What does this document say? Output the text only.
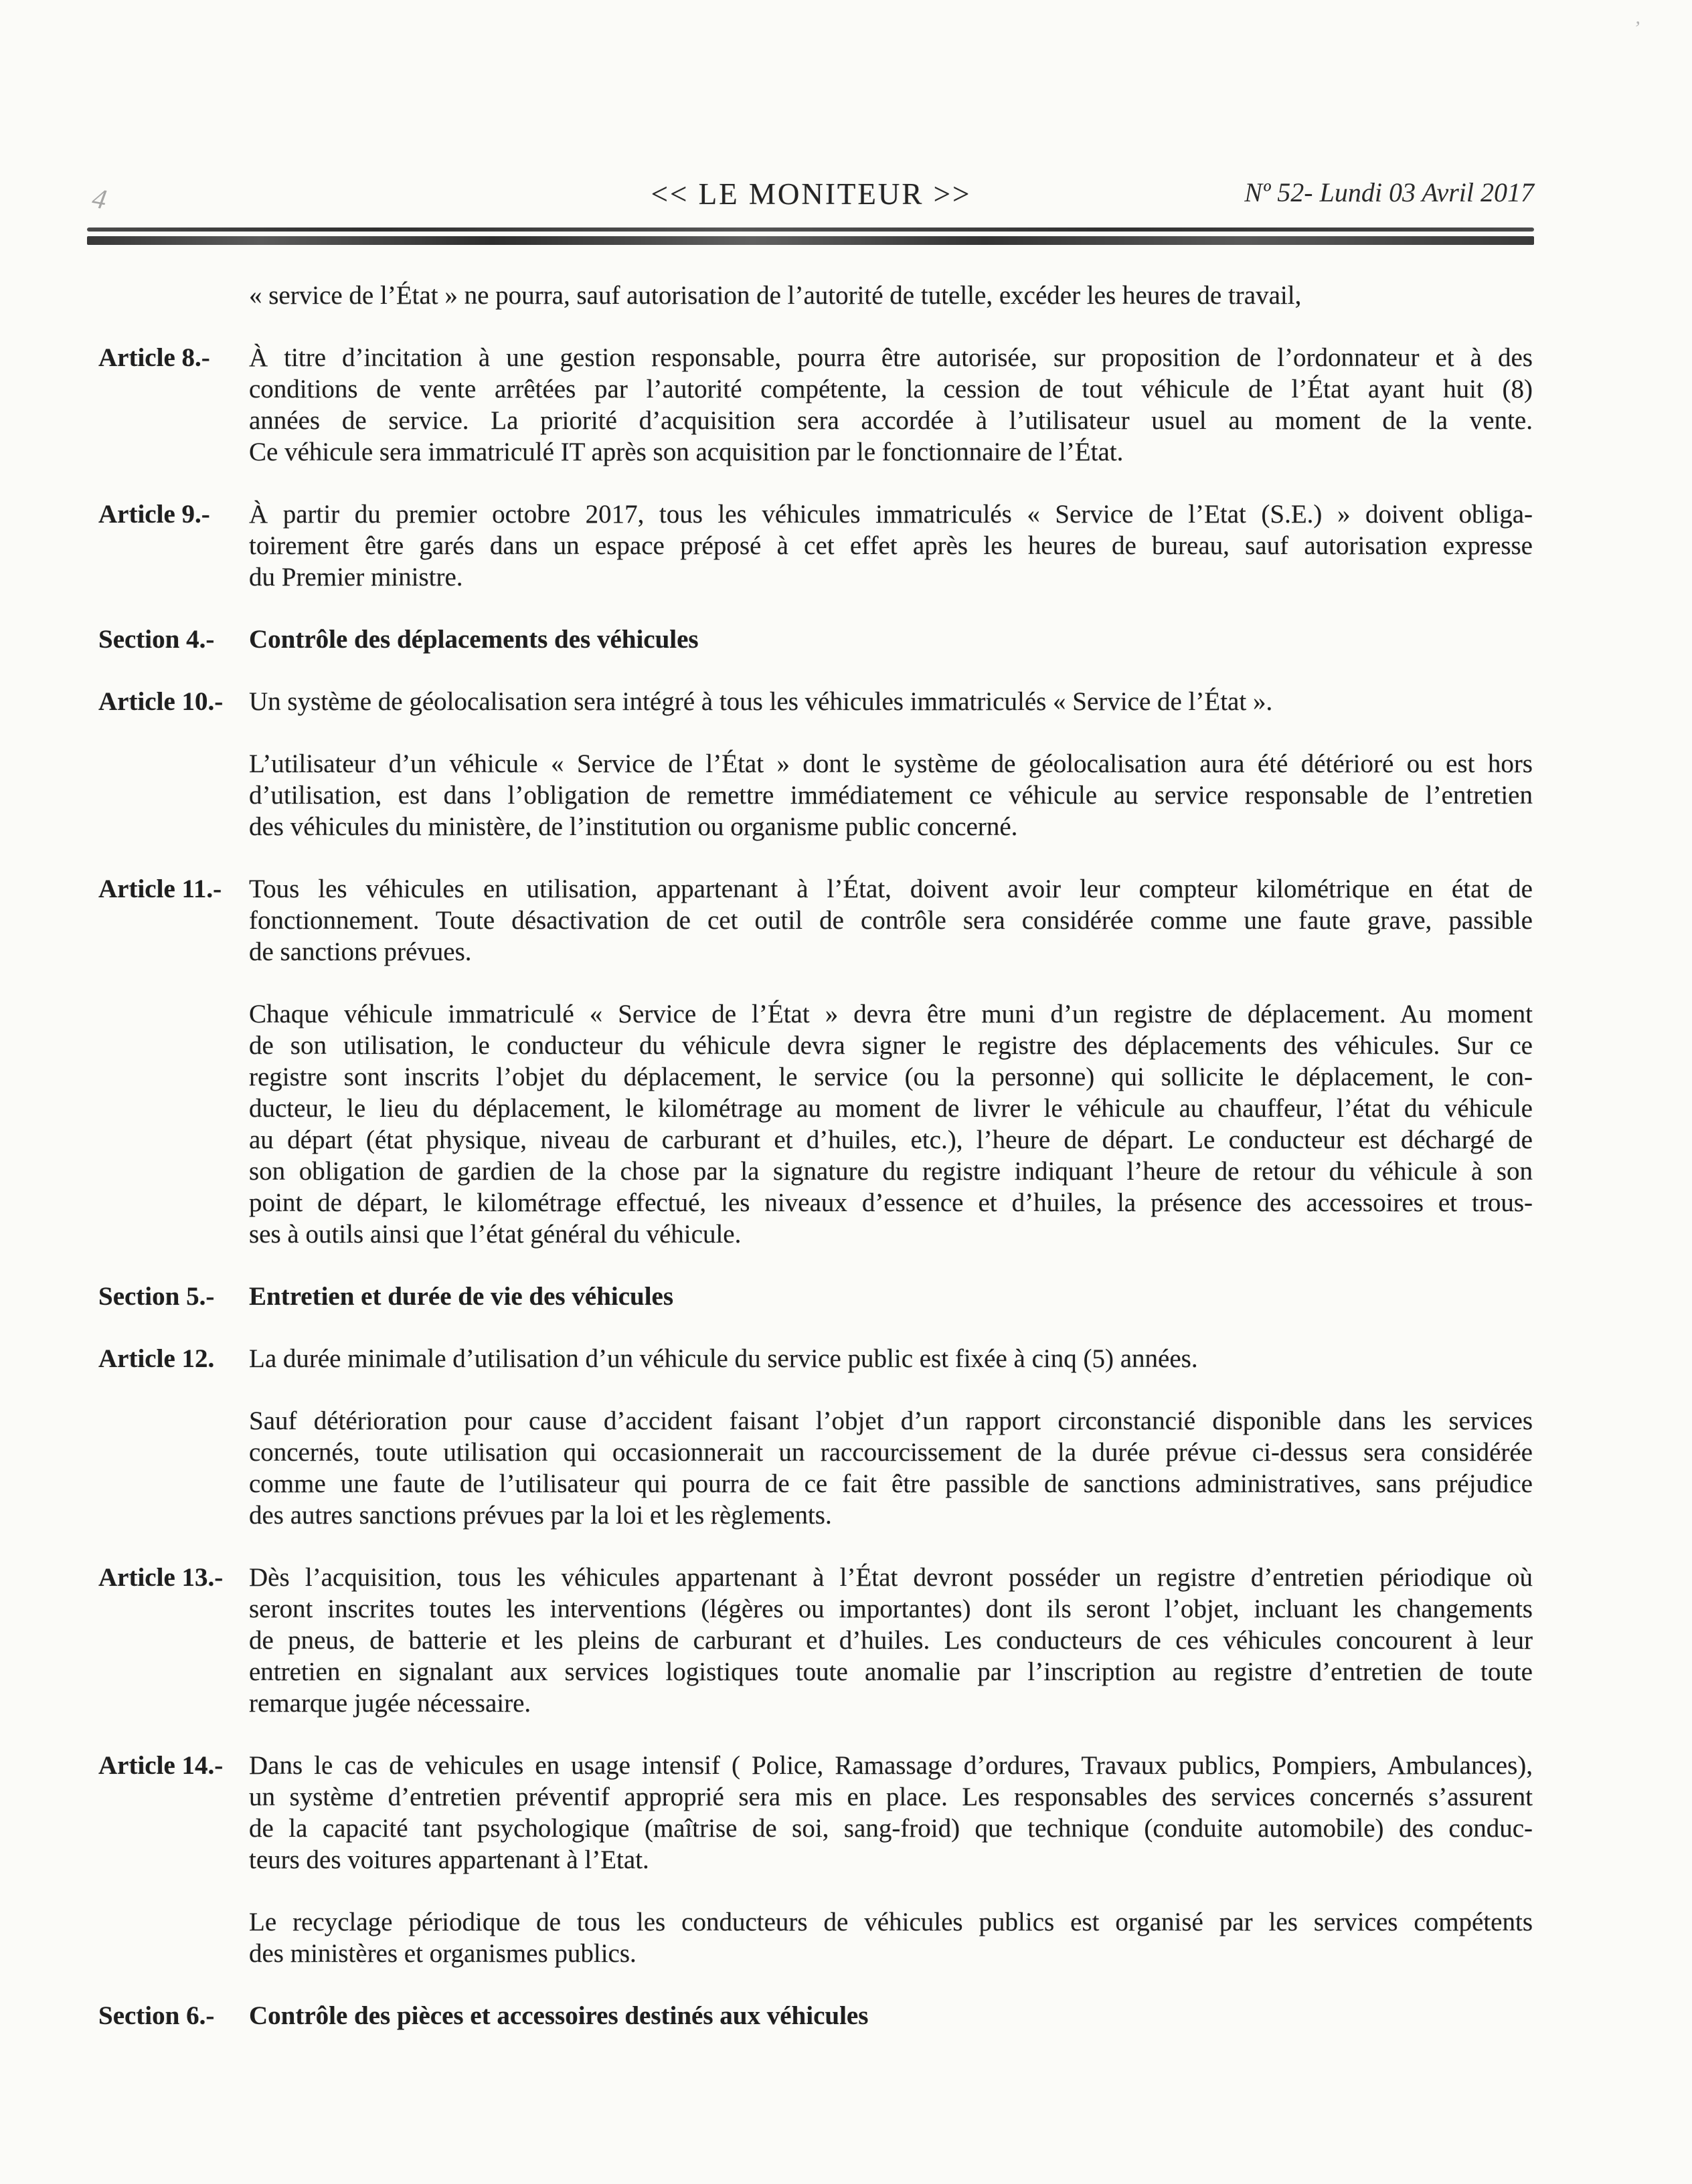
ʼ
4	<< LE MONITEUR >>	Nº 52- Lundi 03 Avril 2017
« service de l’État » ne pourra, sauf autorisation de l’autorité de tutelle, excéder les heures de travail,
Article 8.-	À titre d’incitation à une gestion responsable, pourra être autorisée, sur proposition de l’ordonnateur et à des
conditions de vente arrêtées par l’autorité compétente, la cession de tout véhicule de l’État ayant huit (8)
années de service. La priorité d’acquisition sera accordée à l’utilisateur usuel au moment de la vente.
Ce véhicule sera immatriculé IT après son acquisition par le fonctionnaire de l’État.
Article 9.-	À partir du premier octobre 2017, tous les véhicules immatriculés « Service de l’Etat (S.E.) » doivent obliga-
toirement être garés dans un espace préposé à cet effet après les heures de bureau, sauf autorisation expresse
du Premier ministre.
Section 4.-	Contrôle des déplacements des véhicules
Article 10.- Un système de géolocalisation sera intégré à tous les véhicules immatriculés « Service de l’État ».
L’utilisateur d’un véhicule « Service de l’État » dont le système de géolocalisation aura été détérioré ou est hors
d’utilisation, est dans l’obligation de remettre immédiatement ce véhicule au service responsable de l’entretien
des véhicules du ministère, de l’institution ou organisme public concerné.
Article 11.-	Tous les véhicules en utilisation, appartenant à l’État, doivent avoir leur compteur kilométrique en état de
fonctionnement. Toute désactivation de cet outil de contrôle sera considérée comme une faute grave, passible
de sanctions prévues.
Chaque véhicule immatriculé « Service de l’État » devra être muni d’un registre de déplacement. Au moment
de son utilisation, le conducteur du véhicule devra signer le registre des déplacements des véhicules. Sur ce
registre sont inscrits l’objet du déplacement, le service (ou la personne) qui sollicite le déplacement, le con-
ducteur, le lieu du déplacement, le kilométrage au moment de livrer le véhicule au chauffeur, l’état du véhicule
au départ (état physique, niveau de carburant et d’huiles, etc.), l’heure de départ. Le conducteur est déchargé de
son obligation de gardien de la chose par la signature du registre indiquant l’heure de retour du véhicule à son
point de départ, le kilométrage effectué, les niveaux d’essence et d’huiles, la présence des accessoires et trous-
ses à outils ainsi que l’état général du véhicule.
Section 5.-	Entretien et durée de vie des véhicules
Article 12.	La durée minimale d’utilisation d’un véhicule du service public est fixée à cinq (5) années.
Sauf détérioration pour cause d’accident faisant l’objet d’un rapport circonstancié disponible dans les services
concernés, toute utilisation qui occasionnerait un raccourcissement de la durée prévue ci-dessus sera considérée
comme une faute de l’utilisateur qui pourra de ce fait être passible de sanctions administratives, sans préjudice
des autres sanctions prévues par la loi et les règlements.
Article 13.- Dès l’acquisition, tous les véhicules appartenant à l’État devront posséder un registre d’entretien périodique où
seront inscrites toutes les interventions (légères ou importantes) dont ils seront l’objet, incluant les changements
de pneus, de batterie et les pleins de carburant et d’huiles. Les conducteurs de ces véhicules concourent à leur
entretien en signalant aux services logistiques toute anomalie par l’inscription au registre d’entretien de toute
remarque jugée nécessaire.
Article 14.- Dans le cas de vehicules en usage intensif ( Police, Ramassage d’ordures, Travaux publics, Pompiers, Ambulances),
un système d’entretien préventif approprié sera mis en place. Les responsables des services concernés s’assurent
de la capacité tant psychologique (maîtrise de soi, sang-froid) que technique (conduite automobile) des conduc-
teurs des voitures appartenant à l’Etat.
Le recyclage périodique de tous les conducteurs de véhicules publics est organisé par les services compétents
des ministères et organismes publics.
Section 6.-	Contrôle des pièces et accessoires destinés aux véhicules
